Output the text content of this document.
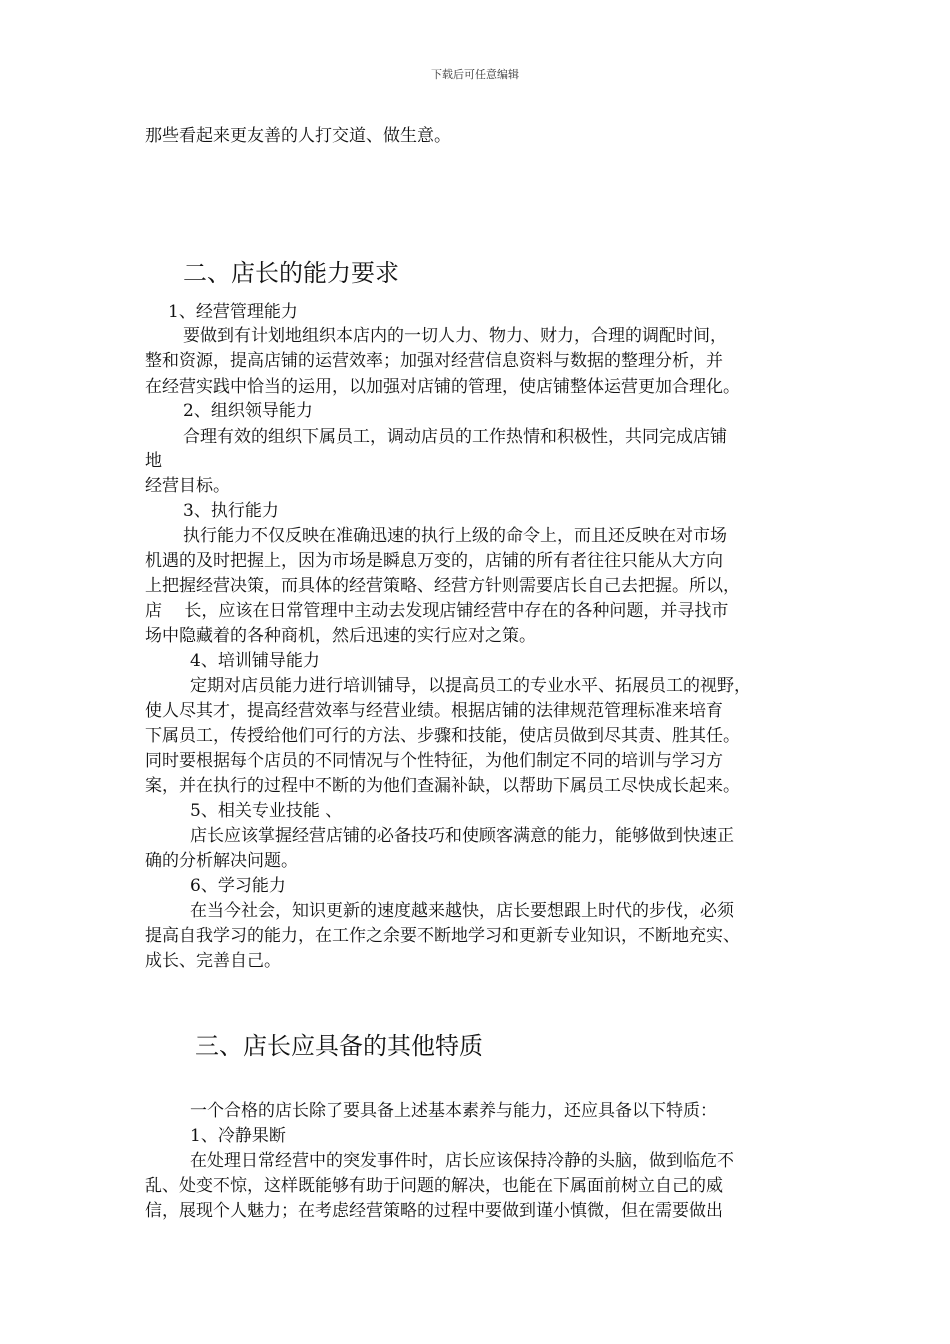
下载后可任意编辑
那些看起来更友善的人打交道、做生意。
二、店长的能力要求
1、经营管理能力
要做到有计划地组织本店内的一切人力、物力、财力，合理的调配时间，
整和资源，提高店铺的运营效率；加强对经营信息资料与数据的整理分析，并
在经营实践中恰当的运用，以加强对店铺的管理，使店铺整体运营更加合理化。
2、组织领导能力
合理有效的组织下属员工，调动店员的工作热情和积极性，共同完成店铺
地
经营目标。
3、执行能力
执行能力不仅反映在准确迅速的执行上级的命令上，而且还反映在对市场
机遇的及时把握上，因为市场是瞬息万变的，店铺的所有者往往只能从大方向
上把握经营决策，而具体的经营策略、经营方针则需要店长自己去把握。所以，
店　 长，应该在日常管理中主动去发现店铺经营中存在的各种问题，并寻找市
场中隐藏着的各种商机，然后迅速的实行应对之策。
4、培训铺导能力
定期对店员能力进行培训铺导，以提高员工的专业水平、拓展员工的视野，
使人尽其才，提高经营效率与经营业绩。根据店铺的法律规范管理标准来培育
下属员工，传授给他们可行的方法、步骤和技能，使店员做到尽其责、胜其任。
同时要根据每个店员的不同情况与个性特征，为他们制定不同的培训与学习方
案，并在执行的过程中不断的为他们查漏补缺，以帮助下属员工尽快成长起来。
5、相关专业技能 、
店长应该掌握经营店铺的必备技巧和使顾客满意的能力，能够做到快速正
确的分析解决问题。
6、学习能力
在当今社会，知识更新的速度越来越快，店长要想跟上时代的步伐，必须
提高自我学习的能力，在工作之余要不断地学习和更新专业知识，不断地充实、
成长、完善自己。
三、店长应具备的其他特质
一个合格的店长除了要具备上述基本素养与能力，还应具备以下特质：
1、冷静果断
在处理日常经营中的突发事件时，店长应该保持冷静的头脑，做到临危不
乱、处变不惊，这样既能够有助于问题的解决，也能在下属面前树立自己的威
信，展现个人魅力；在考虑经营策略的过程中要做到谨小慎微，但在需要做出
